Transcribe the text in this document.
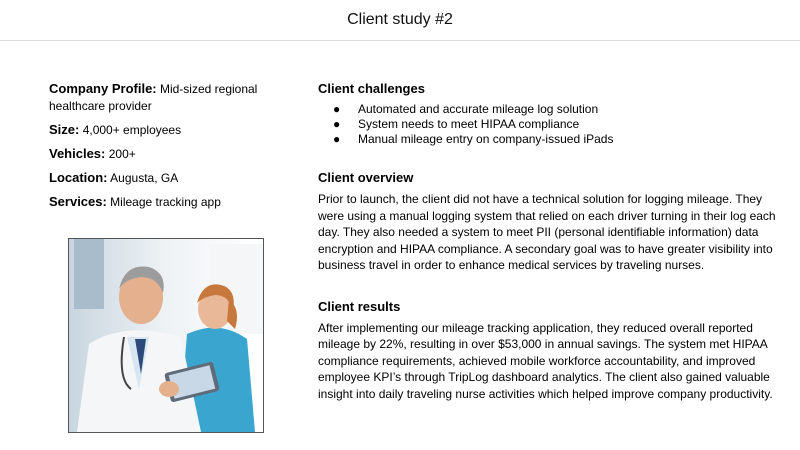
Client study #2
Company Profile: Mid-sized regional healthcare provider
Size: 4,000+ employees
Vehicles: 200+
Location: Augusta, GA
Services: Mileage tracking app
Client challenges
● Automated and accurate mileage log solution
● System needs to meet HIPAA compliance
● Manual mileage entry on company-issued iPads
Client overview

Prior to launch, the client did not have a technical solution for logging mileage. They were using a manual logging system that relied on each driver turning in their log each day. They also needed a system to meet PII (personal identifiable information) data encryption and HIPAA compliance. A secondary goal was to have greater visibility into business travel in order to enhance medical services by traveling nurses.

Client results

After implementing our mileage tracking application, they reduced overall reported mileage by 22%, resulting in over $53,000 in annual savings. The system met HIPAA compliance requirements, achieved mobile workforce accountability, and improved employee KPI’s through TripLog dashboard analytics. The client also gained valuable insight into daily traveling nurse activities which helped improve company productivity.
